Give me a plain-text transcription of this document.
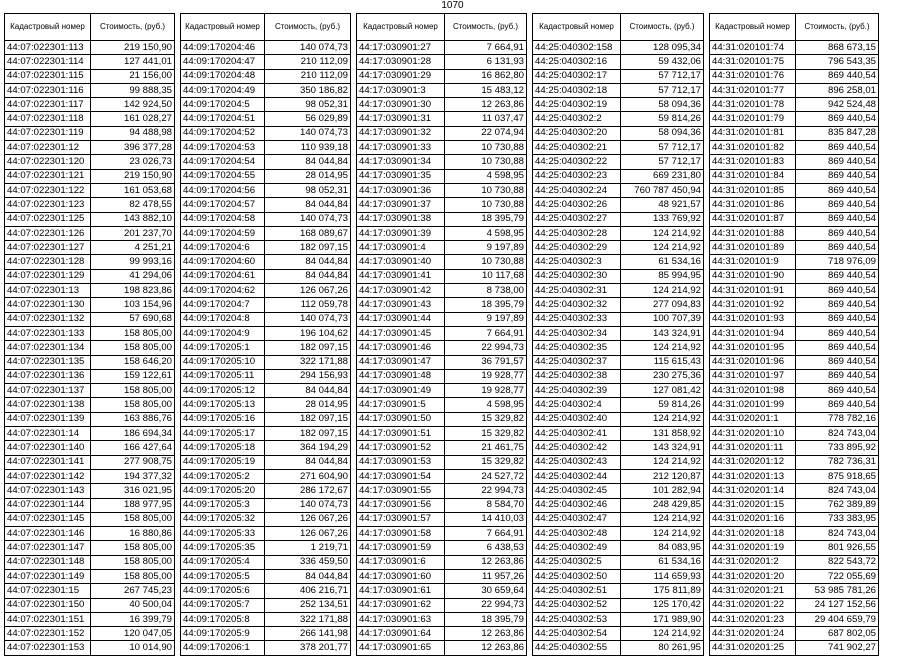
1070
Кадастровый номер	Стоимость, (руб.)
44:07:022301:113	219 150,90
44:07:022301:114	127 441,01
44:07:022301:115	21 156,00
44:07:022301:116	99 888,35
44:07:022301:117	142 924,50
44:07:022301:118	161 028,27
44:07:022301:119	94 488,98
44:07:022301:12	396 377,28
44:07:022301:120	23 026,73
44:07:022301:121	219 150,90
44:07:022301:122	161 053,68
44:07:022301:123	82 478,55
44:07:022301:125	143 882,10
44:07:022301:126	201 237,70
44:07:022301:127	4 251,21
44:07:022301:128	99 993,16
44:07:022301:129	41 294,06
44:07:022301:13	198 823,86
44:07:022301:130	103 154,96
44:07:022301:132	57 690,68
44:07:022301:133	158 805,00
44:07:022301:134	158 805,00
44:07:022301:135	158 646,20
44:07:022301:136	159 122,61
44:07:022301:137	158 805,00
44:07:022301:138	158 805,00
44:07:022301:139	163 886,76
44:07:022301:14	186 694,34
44:07:022301:140	166 427,64
44:07:022301:141	277 908,75
44:07:022301:142	194 377,32
44:07:022301:143	316 021,95
44:07:022301:144	188 977,95
44:07:022301:145	158 805,00
44:07:022301:146	16 880,86
44:07:022301:147	158 805,00
44:07:022301:148	158 805,00
44:07:022301:149	158 805,00
44:07:022301:15	267 745,23
44:07:022301:150	40 500,04
44:07:022301:151	16 399,79
44:07:022301:152	120 047,05
44:07:022301:153	10 014,90
Кадастровый номер	Стоимость, (руб.)
44:09:170204:46	140 074,73
44:09:170204:47	210 112,09
44:09:170204:48	210 112,09
44:09:170204:49	350 186,82
44:09:170204:5	98 052,31
44:09:170204:51	56 029,89
44:09:170204:52	140 074,73
44:09:170204:53	110 939,18
44:09:170204:54	84 044,84
44:09:170204:55	28 014,95
44:09:170204:56	98 052,31
44:09:170204:57	84 044,84
44:09:170204:58	140 074,73
44:09:170204:59	168 089,67
44:09:170204:6	182 097,15
44:09:170204:60	84 044,84
44:09:170204:61	84 044,84
44:09:170204:62	126 067,26
44:09:170204:7	112 059,78
44:09:170204:8	140 074,73
44:09:170204:9	196 104,62
44:09:170205:1	182 097,15
44:09:170205:10	322 171,88
44:09:170205:11	294 156,93
44:09:170205:12	84 044,84
44:09:170205:13	28 014,95
44:09:170205:16	182 097,15
44:09:170205:17	182 097,15
44:09:170205:18	364 194,29
44:09:170205:19	84 044,84
44:09:170205:2	271 604,90
44:09:170205:20	286 172,67
44:09:170205:3	140 074,73
44:09:170205:32	126 067,26
44:09:170205:33	126 067,26
44:09:170205:35	1 219,71
44:09:170205:4	336 459,50
44:09:170205:5	84 044,84
44:09:170205:6	406 216,71
44:09:170205:7	252 134,51
44:09:170205:8	322 171,88
44:09:170205:9	266 141,98
44:09:170206:1	378 201,77
Кадастровый номер	Стоимость, (руб.)
44:17:030901:27	7 664,91
44:17:030901:28	6 131,93
44:17:030901:29	16 862,80
44:17:030901:3	15 483,12
44:17:030901:30	12 263,86
44:17:030901:31	11 037,47
44:17:030901:32	22 074,94
44:17:030901:33	10 730,88
44:17:030901:34	10 730,88
44:17:030901:35	4 598,95
44:17:030901:36	10 730,88
44:17:030901:37	10 730,88
44:17:030901:38	18 395,79
44:17:030901:39	4 598,95
44:17:030901:4	9 197,89
44:17:030901:40	10 730,88
44:17:030901:41	10 117,68
44:17:030901:42	8 738,00
44:17:030901:43	18 395,79
44:17:030901:44	9 197,89
44:17:030901:45	7 664,91
44:17:030901:46	22 994,73
44:17:030901:47	36 791,57
44:17:030901:48	19 928,77
44:17:030901:49	19 928,77
44:17:030901:5	4 598,95
44:17:030901:50	15 329,82
44:17:030901:51	15 329,82
44:17:030901:52	21 461,75
44:17:030901:53	15 329,82
44:17:030901:54	24 527,72
44:17:030901:55	22 994,73
44:17:030901:56	8 584,70
44:17:030901:57	14 410,03
44:17:030901:58	7 664,91
44:17:030901:59	6 438,53
44:17:030901:6	12 263,86
44:17:030901:60	11 957,26
44:17:030901:61	30 659,64
44:17:030901:62	22 994,73
44:17:030901:63	18 395,79
44:17:030901:64	12 263,86
44:17:030901:65	12 263,86
Кадастровый номер	Стоимость, (руб.)
44:25:040302:158	128 095,34
44:25:040302:16	59 432,06
44:25:040302:17	57 712,17
44:25:040302:18	57 712,17
44:25:040302:19	58 094,36
44:25:040302:2	59 814,26
44:25:040302:20	58 094,36
44:25:040302:21	57 712,17
44:25:040302:22	57 712,17
44:25:040302:23	669 231,80
44:25:040302:24	760 787 450,94
44:25:040302:26	48 921,57
44:25:040302:27	133 769,92
44:25:040302:28	124 214,92
44:25:040302:29	124 214,92
44:25:040302:3	61 534,16
44:25:040302:30	85 994,95
44:25:040302:31	124 214,92
44:25:040302:32	277 094,83
44:25:040302:33	100 707,39
44:25:040302:34	143 324,91
44:25:040302:35	124 214,92
44:25:040302:37	115 615,43
44:25:040302:38	230 275,36
44:25:040302:39	127 081,42
44:25:040302:4	59 814,26
44:25:040302:40	124 214,92
44:25:040302:41	131 858,92
44:25:040302:42	143 324,91
44:25:040302:43	124 214,92
44:25:040302:44	212 120,87
44:25:040302:45	101 282,94
44:25:040302:46	248 429,85
44:25:040302:47	124 214,92
44:25:040302:48	124 214,92
44:25:040302:49	84 083,95
44:25:040302:5	61 534,16
44:25:040302:50	114 659,93
44:25:040302:51	175 811,89
44:25:040302:52	125 170,42
44:25:040302:53	171 989,90
44:25:040302:54	124 214,92
44:25:040302:55	80 261,95
Кадастровый номер	Стоимость, (руб.)
44:31:020101:74	868 673,15
44:31:020101:75	796 543,35
44:31:020101:76	869 440,54
44:31:020101:77	896 258,01
44:31:020101:78	942 524,48
44:31:020101:79	869 440,54
44:31:020101:81	835 847,28
44:31:020101:82	869 440,54
44:31:020101:83	869 440,54
44:31:020101:84	869 440,54
44:31:020101:85	869 440,54
44:31:020101:86	869 440,54
44:31:020101:87	869 440,54
44:31:020101:88	869 440,54
44:31:020101:89	869 440,54
44:31:020101:9	718 976,09
44:31:020101:90	869 440,54
44:31:020101:91	869 440,54
44:31:020101:92	869 440,54
44:31:020101:93	869 440,54
44:31:020101:94	869 440,54
44:31:020101:95	869 440,54
44:31:020101:96	869 440,54
44:31:020101:97	869 440,54
44:31:020101:98	869 440,54
44:31:020101:99	869 440,54
44:31:020201:1	778 782,16
44:31:020201:10	824 743,04
44:31:020201:11	733 895,92
44:31:020201:12	782 736,31
44:31:020201:13	875 918,65
44:31:020201:14	824 743,04
44:31:020201:15	762 389,89
44:31:020201:16	733 383,95
44:31:020201:18	824 743,04
44:31:020201:19	801 926,55
44:31:020201:2	822 543,72
44:31:020201:20	722 055,69
44:31:020201:21	53 985 781,26
44:31:020201:22	24 127 152,56
44:31:020201:23	29 404 659,79
44:31:020201:24	687 802,05
44:31:020201:25	741 902,27
